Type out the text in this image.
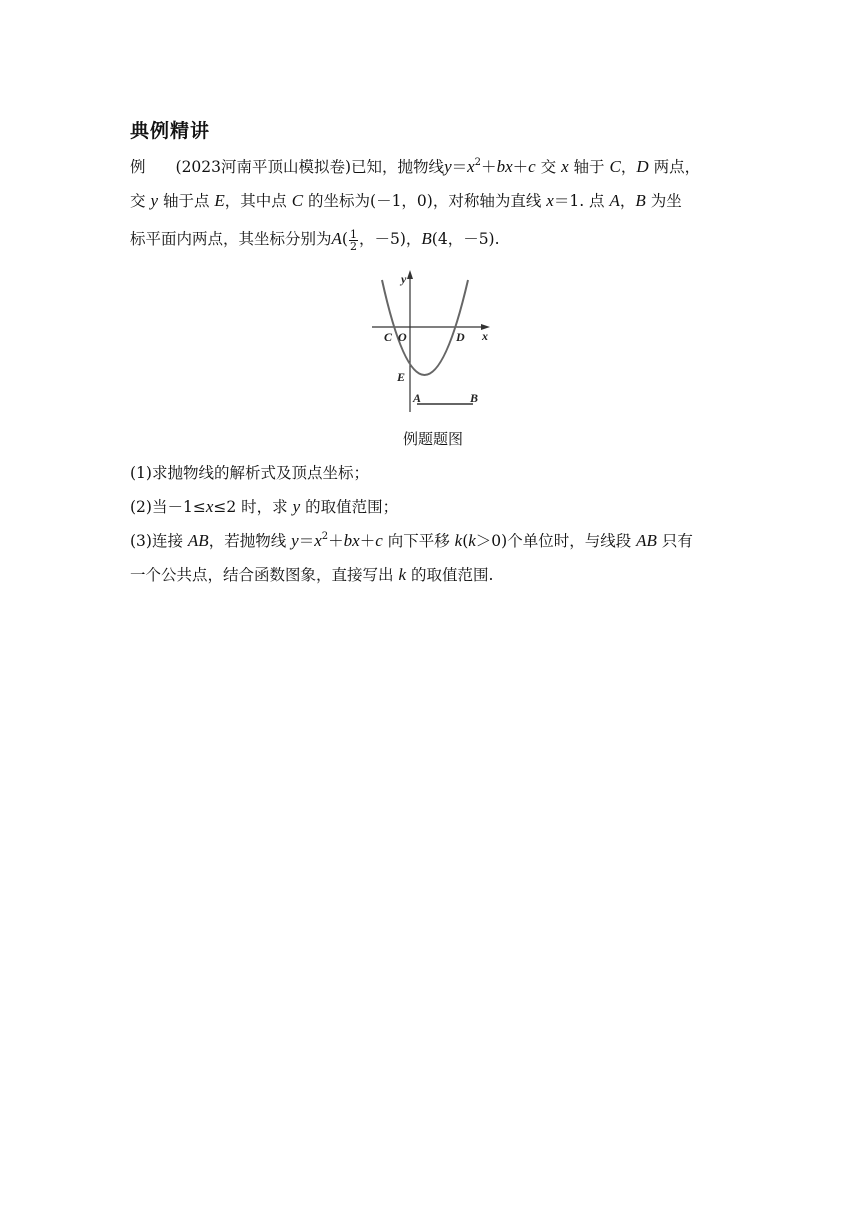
典例精讲
例 (2023河南平顶山模拟卷)已知，抛物线$y=x^2+bx+c$ 交 x 轴于 C，D 两点，
交 y 轴于点 E，其中点 C 的坐标为(－1，0)，对称轴为直线 x＝1. 点 A，B 为坐
标平面内两点，其坐标分别为$A( \frac{1}{2}$ ，－5)，B(4，－5).
y
x
C O	D
E
A	B
例题题图
(1)求抛物线的解析式及顶点坐标；
(2)当－1≤x≤2 时，求 y 的取值范围；
(3)连接 AB，若抛物线 $y=x^2+bx+c$ 向下平移 k(k＞0)个单位时，与线段 AB 只有
一个公共点，结合函数图象，直接写出 k 的取值范围.
